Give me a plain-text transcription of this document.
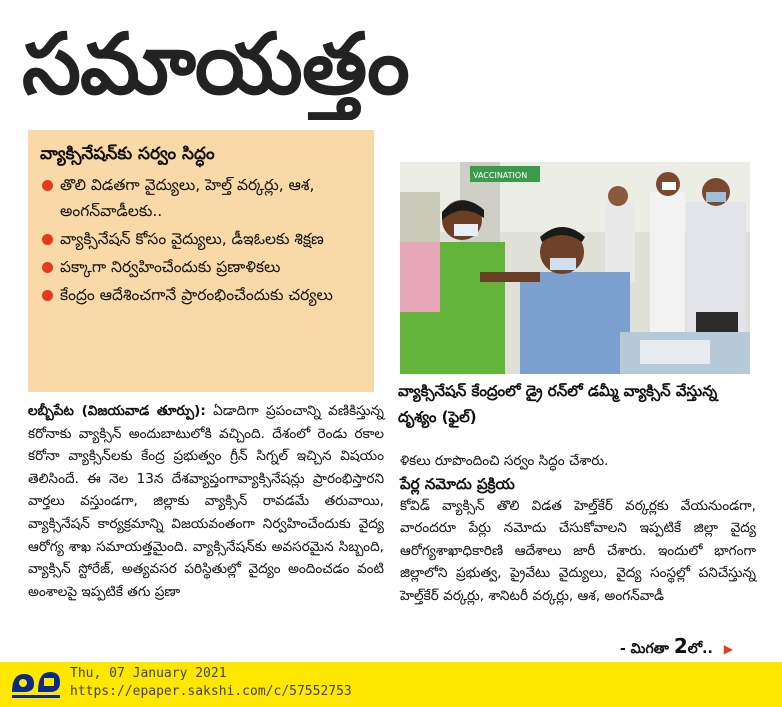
సమాయత్తం
వ్యాక్సినేషన్‌కు సర్వం సిద్ధం
తొలి విడతగా వైద్యులు, హెల్త్ వర్కర్లు, ఆశ, అంగన్‌వాడీలకు..
వ్యాక్సినేషన్ కోసం వైద్యులు, డీఇఓలకు శిక్షణ
పక్కాగా నిర్వహించేందుకు ప్రణాళికలు
కేంద్రం ఆదేశించగానే ప్రారంభించేందుకు చర్యలు
VACCINATION
వ్యాక్సినేషన్ కేంద్రంలో డ్రై రన్‌లో డమ్మీ వ్యాక్సిన్ వేస్తున్న దృశ్యం (ఫైల్)
లబ్బీపేట (విజయవాడ తూర్పు): ఏడాదిగా ప్రపంచాన్ని వణికిస్తున్న కరోనాకు వ్యాక్సిన్ అందుబాటులోకి వచ్చింది. దేశంలో రెండు రకాల కరోనా వ్యాక్సిన్‌లకు కేంద్ర ప్రభుత్వం గ్రీన్ సిగ్నల్ ఇచ్చిన విషయం తెలిసిందే. ఈ నెల 13న దేశవ్యాప్తంగావ్యాక్సినేషన్లు ప్రారంభిస్తారని వార్తలు వస్తుండగా, జిల్లాకు వ్యాక్సిన్ రావడమే తరువాయి, వ్యాక్సినేషన్ కార్యక్రమాన్ని విజయవంతంగా నిర్వహించేందుకు వైద్య ఆరోగ్య శాఖ సమాయత్తమైంది. వ్యాక్సినేషన్‌కు అవసరమైన సిబ్బంది, వ్యాక్సిన్ స్టోరేజ్, అత్యవసర పరిస్థితుల్లో వైద్యం అందించడం వంటి అంశాలపై ఇప్పటికే తగు ప్రణా
ళికలు రూపొందించి సర్వం సిద్ధం చేశారు.
పేర్ల నమోదు ప్రక్రియ
కోవిడ్ వ్యాక్సిన్ తొలి విడత హెల్త్‌కేర్ వర్కర్లకు వేయనుండగా, వారందరూ పేర్లు నమోదు చేసుకోవాలని ఇప్పటికే జిల్లా వైద్య ఆరోగ్యశాఖాధికారిణి ఆదేశాలు జారీ చేశారు. ఇందులో భాగంగా జిల్లాలోని ప్రభుత్వ, ప్రైవేటు వైద్యులు, వైద్య సంస్థల్లో పనిచేస్తున్న హెల్త్‌కేర్ వర్కర్లు, శానిటరీ వర్కర్లు, ఆశ, అంగన్‌వాడీ
- మిగతా 2లో.. ▶
Thu, 07 January 2021
https://epaper.sakshi.com/c/57552753
